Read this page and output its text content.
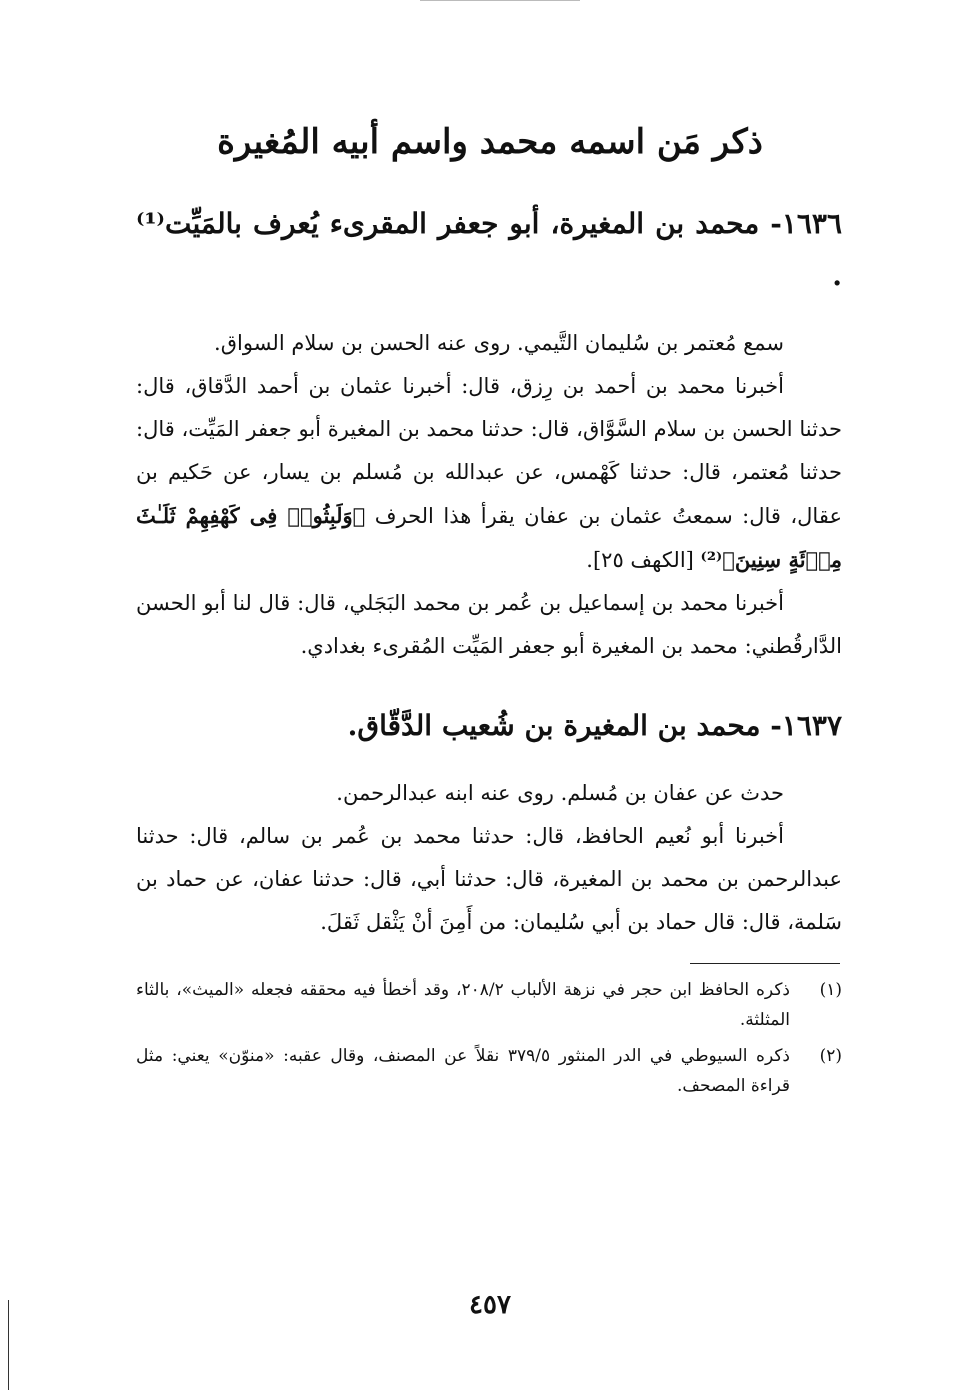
ذكر مَن اسمه محمد واسم أبيه المُغيرة
١٦٣٦- محمد بن المغيرة، أبو جعفر المقرىء يُعرف بالمَيِّت⁽¹⁾ .

سمع مُعتمر بن سُليمان التَّيمي. روى عنه الحسن بن سلام السواق.

أخبرنا محمد بن أحمد بن رِزق، قال: أخبرنا عثمان بن أحمد الدَّقاق، قال: حدثنا الحسن بن سلام السَّوَّاق، قال: حدثنا محمد بن المغيرة أبو جعفر المَيِّت، قال: حدثنا مُعتمر، قال: حدثنا كَهْمس، عن عبدالله بن مُسلم بن يسار، عن حَكيم بن عقال، قال: سمعتُ عثمان بن عفان يقرأ هذا الحرف ﴿وَلَبِثُوا۟ فِى كَهْفِهِمْ ثَلَـٰثَ مِا۟ئَةٍ سِنِينَ﴾⁽²⁾ [الكهف ٢٥].

أخبرنا محمد بن إسماعيل بن عُمر بن محمد البَجَلي، قال: قال لنا أبو الحسن الدَّارقُطني: محمد بن المغيرة أبو جعفر المَيِّت المُقرىء بغدادي.

١٦٣٧- محمد بن المغيرة بن شُعيب الدَّقّاق.

حدث عن عفان بن مُسلم. روى عنه ابنه عبدالرحمن.

أخبرنا أبو نُعيم الحافظ، قال: حدثنا محمد بن عُمر بن سالم، قال: حدثنا عبدالرحمن بن محمد بن المغيرة، قال: حدثنا أبي، قال: حدثنا عفان، عن حماد بن سَلمة، قال: قال حماد بن أبي سُليمان: من أَمِنَ أنْ يَثْقل ثَقلَ.

(١)
ذكره الحافظ ابن حجر في نزهة الألباب ٢٠٨/٢، وقد أخطأ فيه محققه فجعله «الميث»، بالثاء المثلثة.
(٢)
ذكره السيوطي في الدر المنثور ٣٧٩/٥ نقلاً عن المصنف، وقال عقبه: «منوّن» يعني: مثل قراءة المصحف.
٤٥٧
